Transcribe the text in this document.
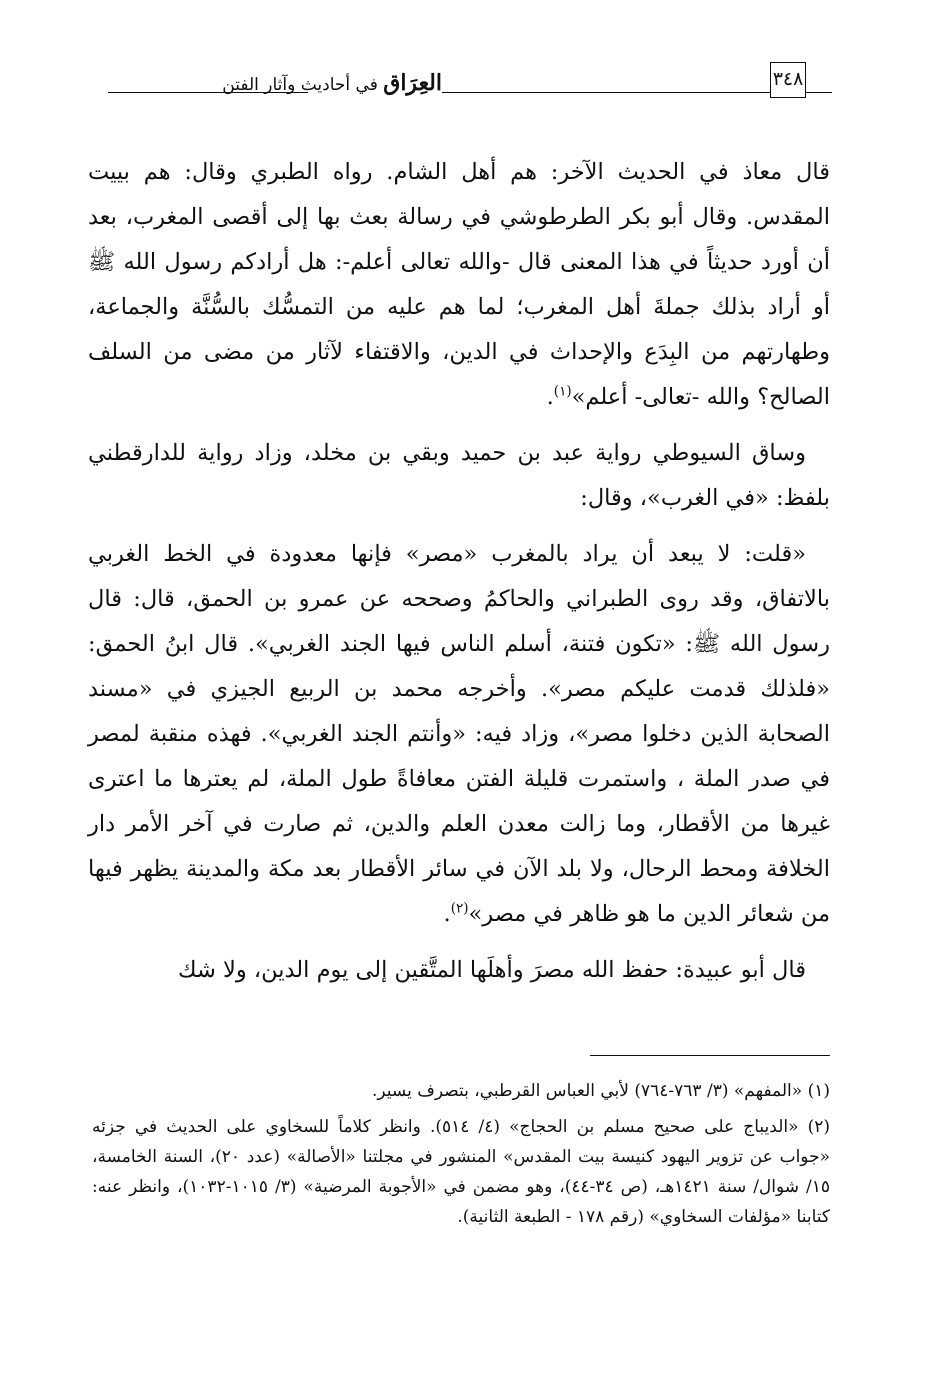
العِرَاق في أحاديث وآثار الفتن	٣٤٨

قال معاذ في الحديث الآخر: هم أهل الشام. رواه الطبري وقال: هم بييت المقدس. وقال أبو بكر الطرطوشي في رسالة بعث بها إلى أقصى المغرب، بعد أن أورد حديثاً في هذا المعنى قال -والله تعالى أعلم-: هل أرادكم رسول الله ﷺ أو أراد بذلك جملةَ أهل المغرب؛ لما هم عليه من التمسُّك بالسُّنَّة والجماعة، وطهارتهم من البِدَع والإحداث في الدين، والاقتفاء لآثار من مضى من السلف الصالح؟ والله -تعالى- أعلم»$^{(١)}$.

وساق السيوطي رواية عبد بن حميد وبقي بن مخلد، وزاد رواية للدارقطني بلفظ: «في الغرب»، وقال:

«قلت: لا يبعد أن يراد بالمغرب «مصر» فإنها معدودة في الخط الغربي بالاتفاق، وقد روى الطبراني والحاكمُ وصححه عن عمرو بن الحمق، قال: قال رسول الله ﷺ: «تكون فتنة، أسلم الناس فيها الجند الغربي». قال ابنُ الحمق: «فلذلك قدمت عليكم مصر». وأخرجه محمد بن الربيع الجيزي في «مسند الصحابة الذين دخلوا مصر»، وزاد فيه: «وأنتم الجند الغربي». فهذه منقبة لمصر في صدر الملة ، واستمرت قليلة الفتن معافاةً طول الملة، لم يعترها ما اعترى غيرها من الأقطار، وما زالت معدن العلم والدين، ثم صارت في آخر الأمر دار الخلافة ومحط الرحال، ولا بلد الآن في سائر الأقطار بعد مكة والمدينة يظهر فيها من شعائر الدين ما هو ظاهر في مصر»$^{(٢)}$.

قال أبو عبيدة: حفظ الله مصرَ وأهلَها المتَّقين إلى يوم الدين، ولا شك

(١) «المفهم» (٣/ ٧٦٣-٧٦٤) لأبي العباس القرطبي، بتصرف يسير.

(٢) «الديباج على صحيح مسلم بن الحجاج» (٤/ ٥١٤). وانظر كلاماً للسخاوي على الحديث في جزئه «جواب عن تزوير اليهود كنيسة بيت المقدس» المنشور في مجلتنا «الأصالة» (عدد ٢٠)، السنة الخامسة، ١٥/ شوال/ سنة ١٤٢١هـ، (ص ٣٤-٤٤)، وهو مضمن في «الأجوبة المرضية» (٣/ ١٠١٥-١٠٣٢)، وانظر عنه: كتابنا «مؤلفات السخاوي» (رقم ١٧٨ - الطبعة الثانية).
